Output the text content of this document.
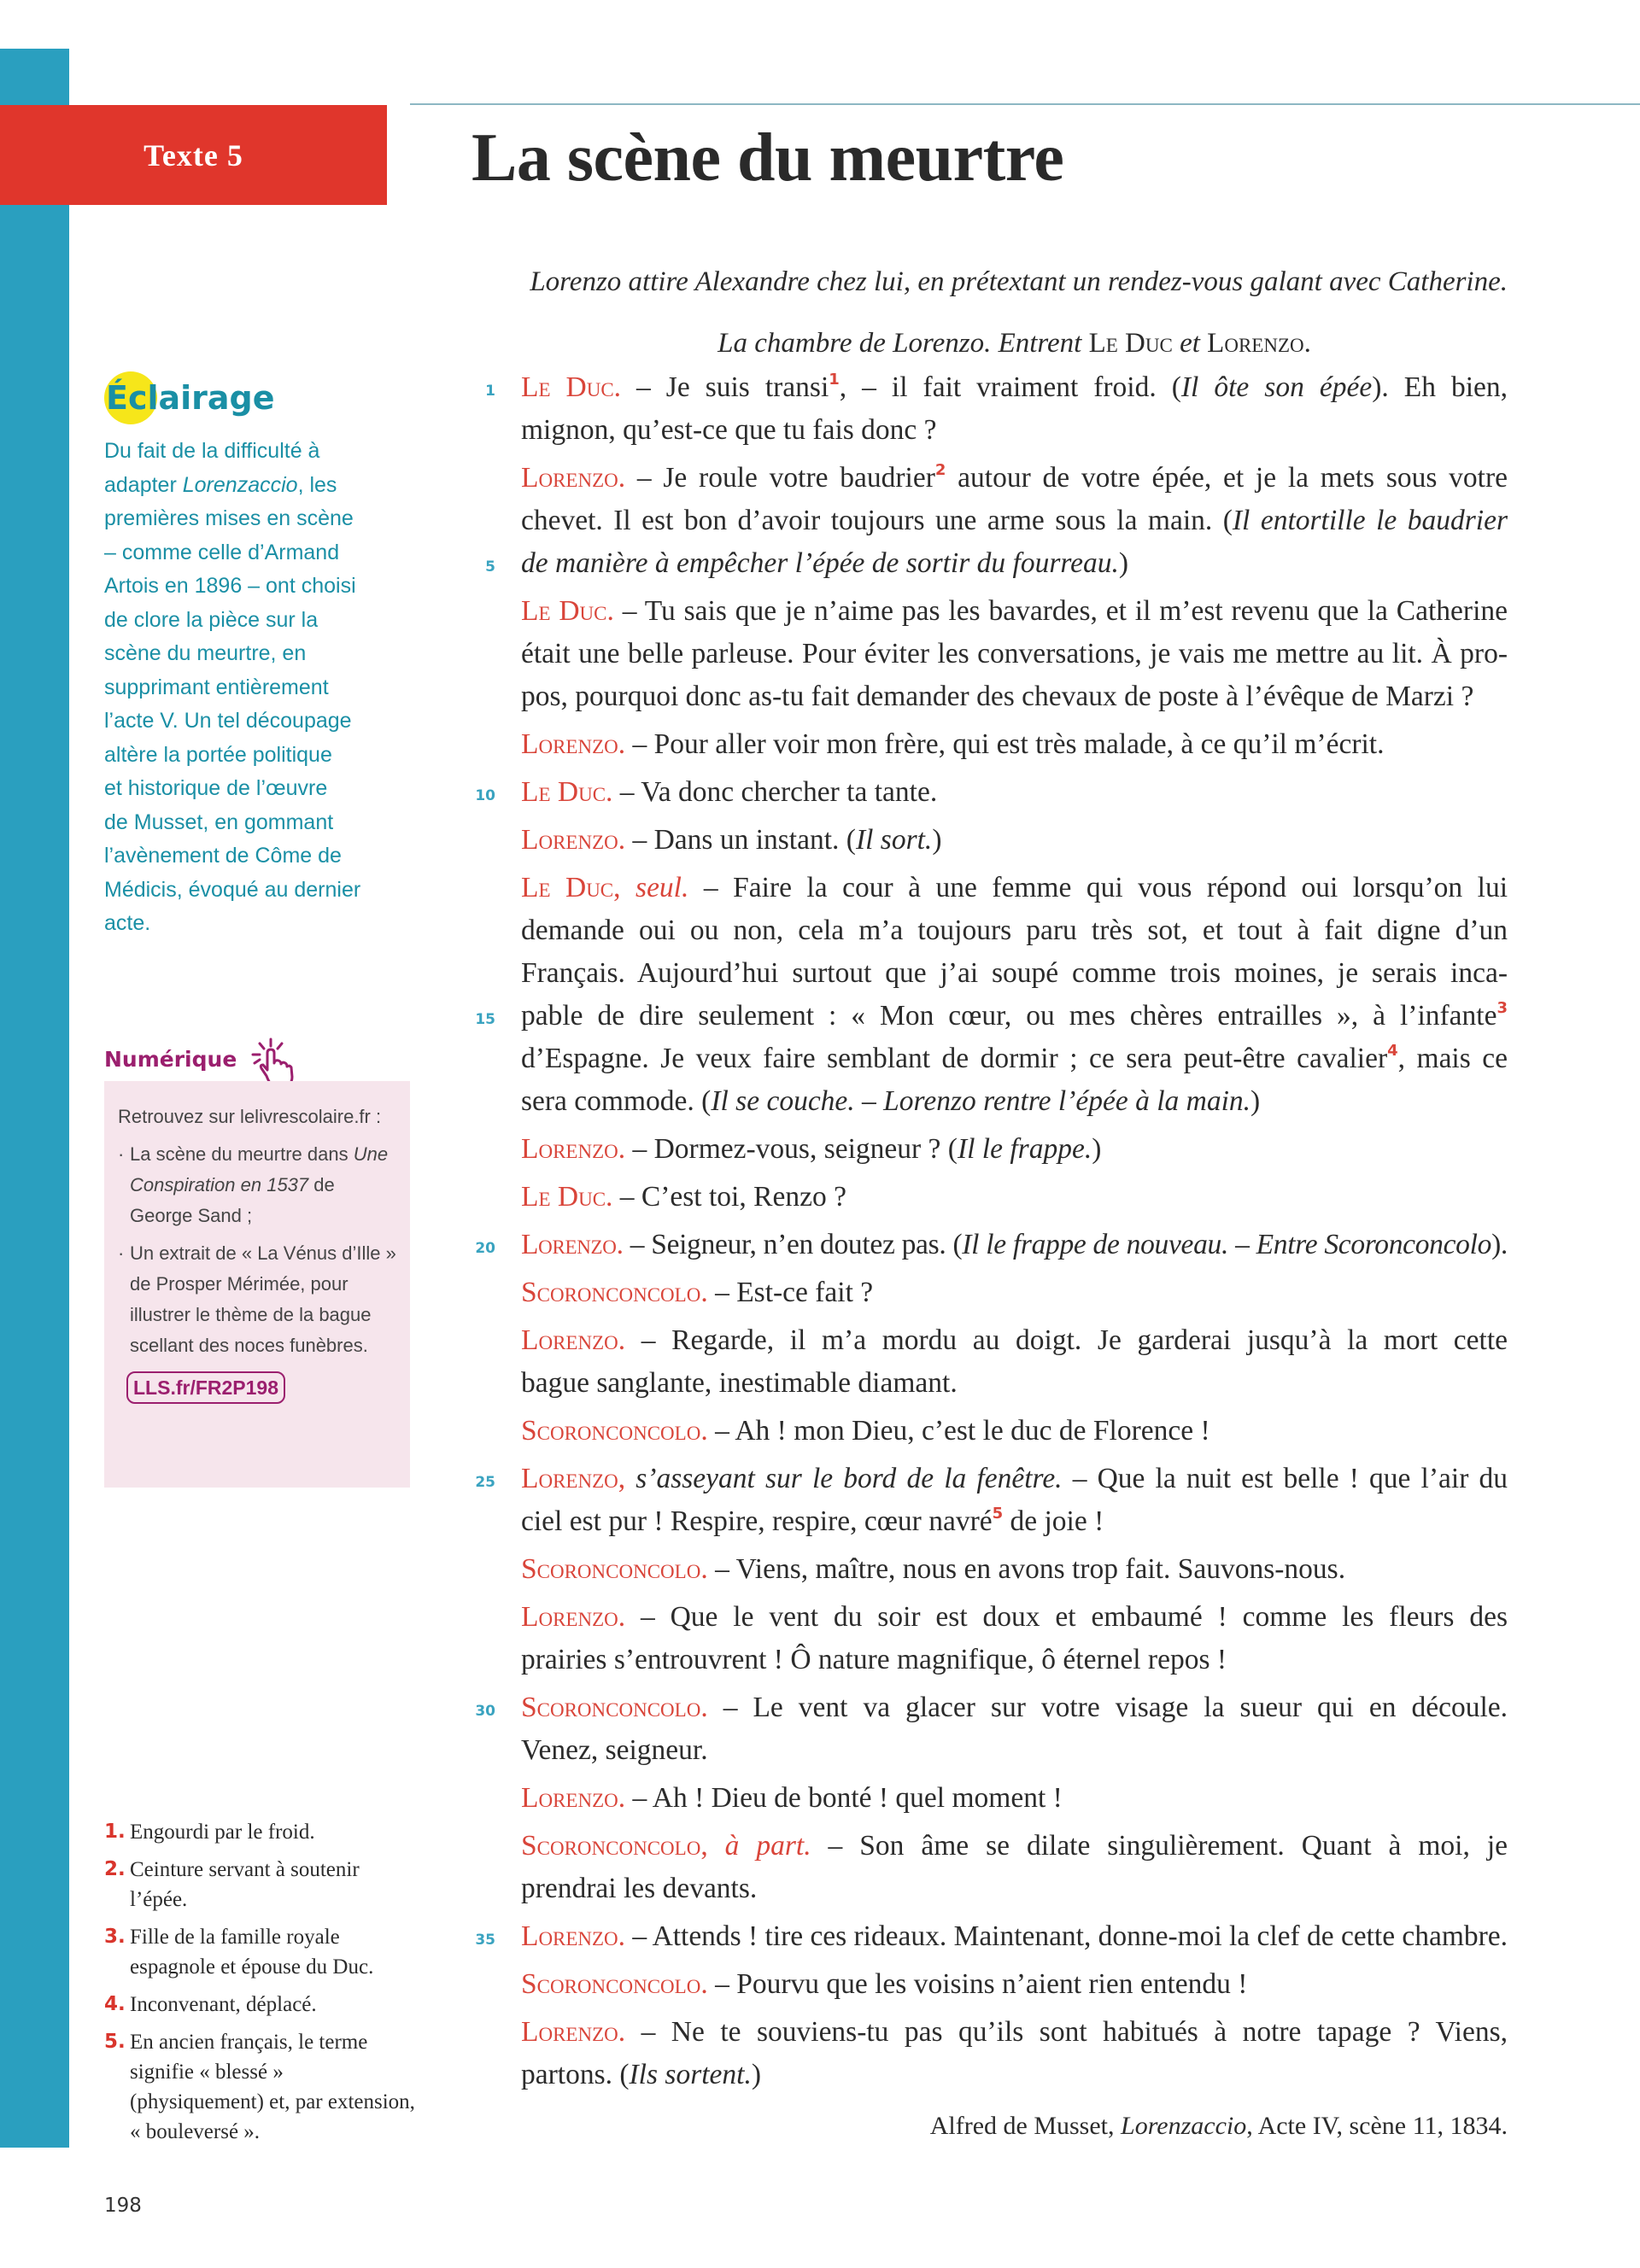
Texte 5	La scène du meurtre
Lorenzo attire Alexandre chez lui, en prétextant un rendez-vous galant avec Catherine.
La chambre de Lorenzo. Entrent Le Duc et Lorenzo.
1 Le Duc. – Je suis transi$^1$, – il fait vraiment froid. (Il ôte son épée). Eh bien,
mignon, qu’est-ce que tu fais donc ?
Lorenzo. – Je roule votre baudrier$^2$ autour de votre épée, et je la mets sous votre
chevet. Il est bon d’avoir toujours une arme sous la main. (Il entortille le baudrier
5 de manière à empêcher l’épée de sortir du fourreau.)
Le Duc. – Tu sais que je n’aime pas les bavardes, et il m’est revenu que la Catherine
était une belle parleuse. Pour éviter les conversations, je vais me mettre au lit. À pro-
pos, pourquoi donc as-tu fait demander des chevaux de poste à l’évêque de Marzi ?
Lorenzo. – Pour aller voir mon frère, qui est très malade, à ce qu’il m’écrit.
10 Le Duc. – Va donc chercher ta tante.
Lorenzo. – Dans un instant. (Il sort.)
Le Duc, seul. – Faire la cour à une femme qui vous répond oui lorsqu’on lui
demande oui ou non, cela m’a toujours paru très sot, et tout à fait digne d’un
Français. Aujourd’hui surtout que j’ai soupé comme trois moines, je serais inca-
15 pable de dire seulement : « Mon cœur, ou mes chères entrailles », à l’infante$^3$
d’Espagne. Je veux faire semblant de dormir ; ce sera peut-être cavalier$^4$, mais ce
sera commode. (Il se couche. – Lorenzo rentre l’épée à la main.)
Lorenzo. – Dormez-vous, seigneur ? (Il le frappe.)
Le Duc. – C’est toi, Renzo ?
20 Lorenzo. – Seigneur, n’en doutez pas. (Il le frappe de nouveau. – Entre Scoronconcolo).
Scoronconcolo. – Est-ce fait ?
Lorenzo. – Regarde, il m’a mordu au doigt. Je garderai jusqu’à la mort cette
bague sanglante, inestimable diamant.
Scoronconcolo. – Ah ! mon Dieu, c’est le duc de Florence !
25 Lorenzo, s’asseyant sur le bord de la fenêtre. – Que la nuit est belle ! que l’air du
ciel est pur ! Respire, respire, cœur navré$^5$ de joie !
Scoronconcolo. – Viens, maître, nous en avons trop fait. Sauvons-nous.
Lorenzo. – Que le vent du soir est doux et embaumé ! comme les fleurs des
prairies s’entrouvrent ! Ô nature magnifique, ô éternel repos !
30 Scoronconcolo. – Le vent va glacer sur votre visage la sueur qui en découle.
Venez, seigneur.
Lorenzo. – Ah ! Dieu de bonté ! quel moment !
Scoronconcolo, à part. – Son âme se dilate singulièrement. Quant à moi, je
prendrai les devants.
35 Lorenzo. – Attends ! tire ces rideaux. Maintenant, donne-moi la clef de cette chambre.
Scoronconcolo. – Pourvu que les voisins n’aient rien entendu !
Lorenzo. – Ne te souviens-tu pas qu’ils sont habitués à notre tapage ? Viens,
partons. (Ils sortent.)
Alfred de Musset, Lorenzaccio, Acte IV, scène 11, 1834.
Éclairage
Du fait de la difficulté à
adapter Lorenzaccio, les
premières mises en scène
– comme celle d’Armand
Artois en 1896 – ont choisi
de clore la pièce sur la
scène du meurtre, en
supprimant entièrement
l’acte V. Un tel découpage
altère la portée politique
et historique de l’œuvre
de Musset, en gommant
l’avènement de Côme de
Médicis, évoqué au dernier
acte.
Numérique
Retrouvez sur lelivrescolaire.fr :
· La scène du meurtre dans Une Conspiration en 1537 de George Sand ;
· Un extrait de « La Vénus d’Ille » de Prosper Mérimée, pour illustrer le thème de la bague scellant des noces funèbres.
LLS.fr/FR2P198
1. Engourdi par le froid.
2. Ceinture servant à soutenir l’épée.
3. Fille de la famille royale espagnole et épouse du Duc.
4. Inconvenant, déplacé.
5. En ancien français, le terme signifie « blessé » (physiquement) et, par extension, « bouleversé ».
198
